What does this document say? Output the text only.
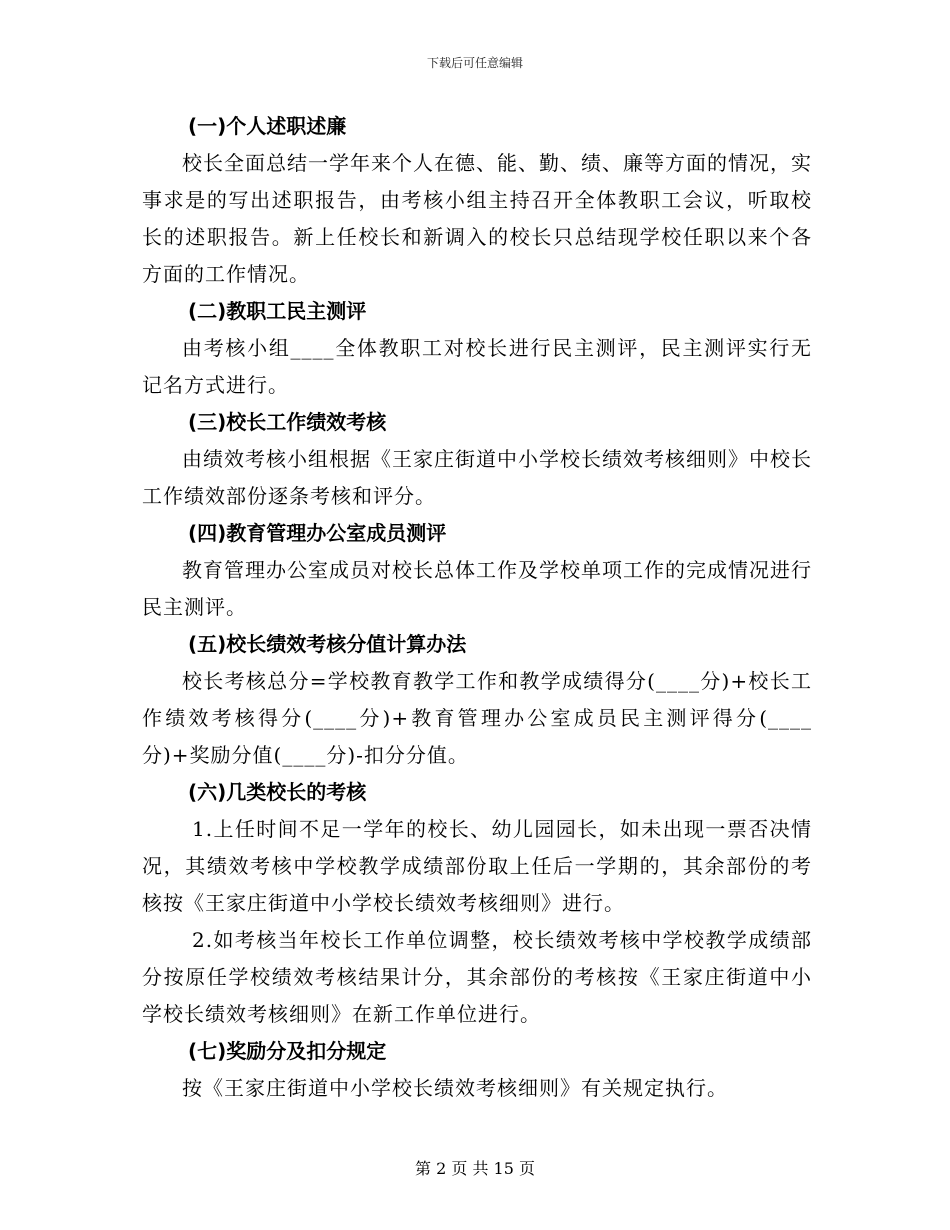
下载后可任意编辑
(一)个人述职述廉

校长全面总结一学年来个人在德、能、勤、绩、廉等方面的情况，实事求是的写出述职报告，由考核小组主持召开全体教职工会议，听取校长的述职报告。新上任校长和新调入的校长只总结现学校任职以来个各方面的工作情况。

(二)教职工民主测评

由考核小组____全体教职工对校长进行民主测评，民主测评实行无记名方式进行。

(三)校长工作绩效考核

由绩效考核小组根据《王家庄街道中小学校长绩效考核细则》中校长工作绩效部份逐条考核和评分。

(四)教育管理办公室成员测评

教育管理办公室成员对校长总体工作及学校单项工作的完成情况进行民主测评。

(五)校长绩效考核分值计算办法

校长考核总分=学校教育教学工作和教学成绩得分(____分)+校长工作绩效考核得分(____分)+教育管理办公室成员民主测评得分(____分)+奖励分值(____分)-扣分分值。

(六)几类校长的考核

1.上任时间不足一学年的校长、幼儿园园长，如未出现一票否决情况，其绩效考核中学校教学成绩部份取上任后一学期的，其余部份的考核按《王家庄街道中小学校长绩效考核细则》进行。

2.如考核当年校长工作单位调整，校长绩效考核中学校教学成绩部分按原任学校绩效考核结果计分，其余部份的考核按《王家庄街道中小学校长绩效考核细则》在新工作单位进行。

(七)奖励分及扣分规定

按《王家庄街道中小学校长绩效考核细则》有关规定执行。

第 2 页 共 15 页
